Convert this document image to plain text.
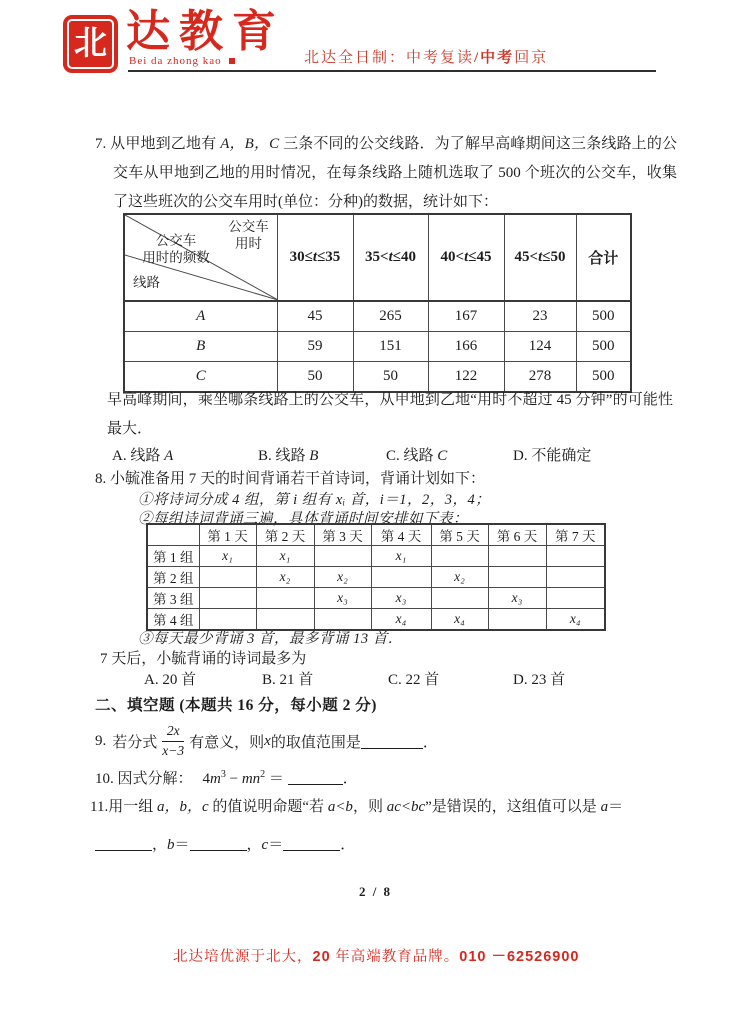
北 达教育
Bei da zhong kao	北达全日制：中考复读/中考回京
7. 从甲地到乙地有 A，B，C 三条不同的公交线路．为了解早高峰期间这三条线路上的公交车从甲地到乙地的用时情况，在每条线路上随机选取了 500 个班次的公交车，收集了这些班次的公交车用时(单位：分种)的数据，统计如下：
公交车
用时
公交车
用时的频数
线路	30≤t≤35	35<t≤40	40<t≤45	45<t≤50	合计
A	45	265	167	23	500
B	59	151	166	124	500
C	50	50	122	278	500
早高峰期间，乘坐哪条线路上的公交车，从甲地到乙地“用时不超过 45 分钟”的可能性最大．
A. 线路 A	B. 线路 B	C. 线路 C	D. 不能确定
8. 小毓准备用 7 天的时间背诵若干首诗词，背诵计划如下：
①将诗词分成 4 组，第 i 组有 xᵢ 首，i＝1，2，3，4；
②每组诗词背诵三遍，具体背诵时间安排如下表：
	第 1 天	第 2 天	第 3 天	第 4 天	第 5 天	第 6 天	第 7 天
第 1 组	x₁	x₁		x₁			
第 2 组		x₂	x₂		x₂		
第 3 组			x₃	x₃		x₃	
第 4 组				x₄	x₄		x₄
③每天最少背诵 3 首，最多背诵 13 首．
7 天后，小毓背诵的诗词最多为
A. 20 首	B. 21 首	C. 22 首	D. 23 首
二、填空题 (本题共 16 分，每小题 2 分)
9. 若分式 $\frac{2x}{x-3}$ 有意义，则 x 的取值范围是	．
10. 因式分解： $4m^3 - mn^2$ ＝	．
11.用一组 a，b，c 的值说明命题“若 a<b，则 ac<bc”是错误的，这组值可以是 a＝
，b＝	，c＝	．
2 / 8
北达培优源于北大，20 年高端教育品牌。010 －62526900
